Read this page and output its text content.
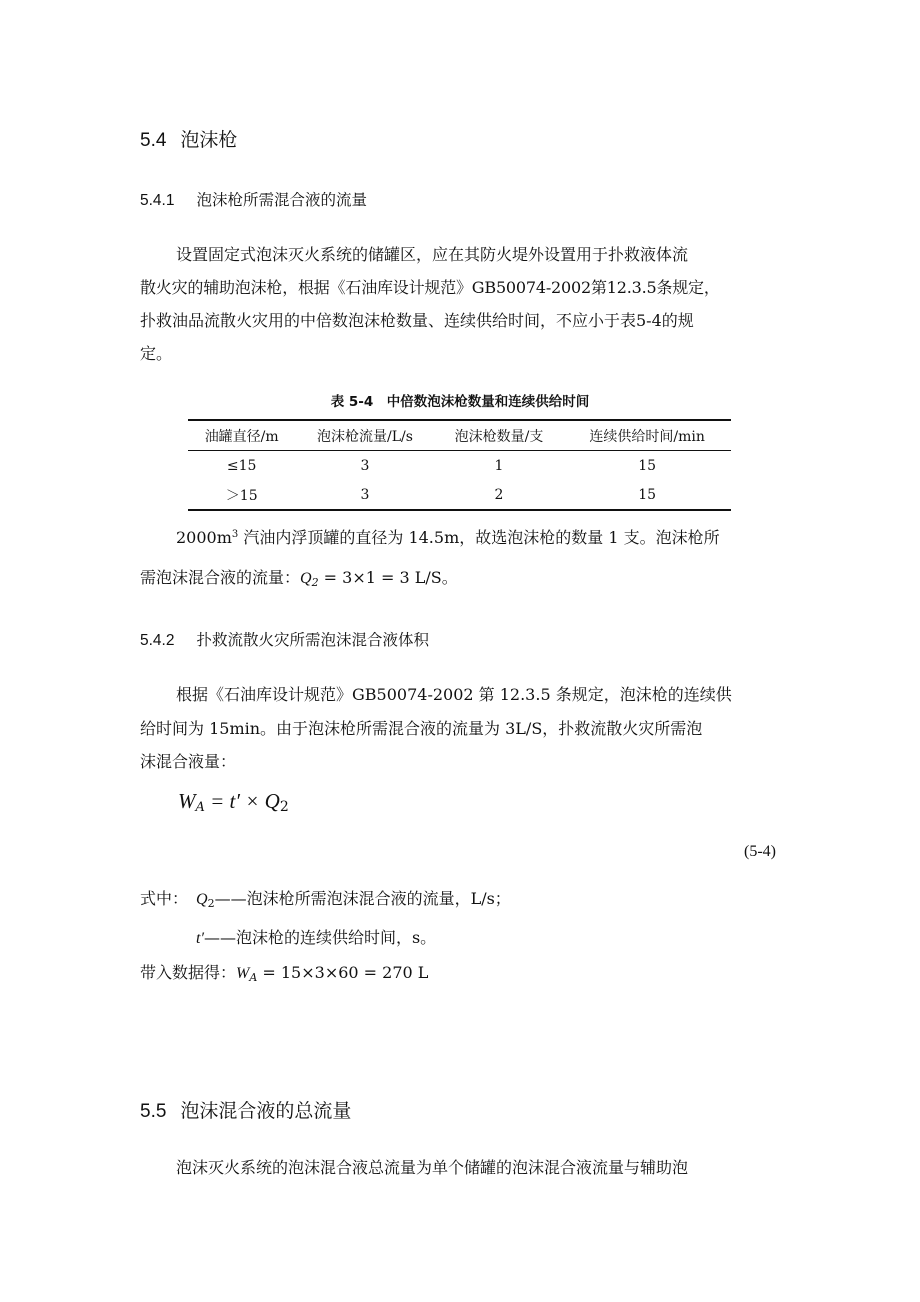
5.4 泡沫枪
5.4.1 泡沫枪所需混合液的流量
设置固定式泡沫灭火系统的储罐区，应在其防火堤外设置用于扑救液体流
散火灾的辅助泡沫枪，根据《石油库设计规范》GB50074-2002第12.3.5条规定，
扑救油品流散火灾用的中倍数泡沫枪数量、连续供给时间，不应小于表5-4的规
定。
表 5-4　中倍数泡沫枪数量和连续供给时间
油罐直径/m	泡沫枪流量/L/s	泡沫枪数量/支	连续供给时间/min
≤15	3	1	15
＞15	3	2	15
$2000m^3$ 汽油内浮顶罐的直径为 14.5m，故选泡沫枪的数量 1 支。泡沫枪所
需泡沫混合液的流量：$Q_2 = 3\times 1 = 3$ L/S。
5.4.2 扑救流散火灾所需泡沫混合液体积
根据《石油库设计规范》GB50074-2002 第 12.3.5 条规定，泡沫枪的连续供
给时间为 15min。由于泡沫枪所需混合液的流量为 3L/S，扑救流散火灾所需泡
沫混合液量：
$W_A = t' \times Q_2$
(5-4)
式中： $Q_2——$泡沫枪所需泡沫混合液的流量，L/s；
t′——泡沫枪的连续供给时间，s。
带入数据得：$W_A = 15\times 3\times 60 = 270$ L
5.5 泡沫混合液的总流量
泡沫灭火系统的泡沫混合液总流量为单个储罐的泡沫混合液流量与辅助泡
